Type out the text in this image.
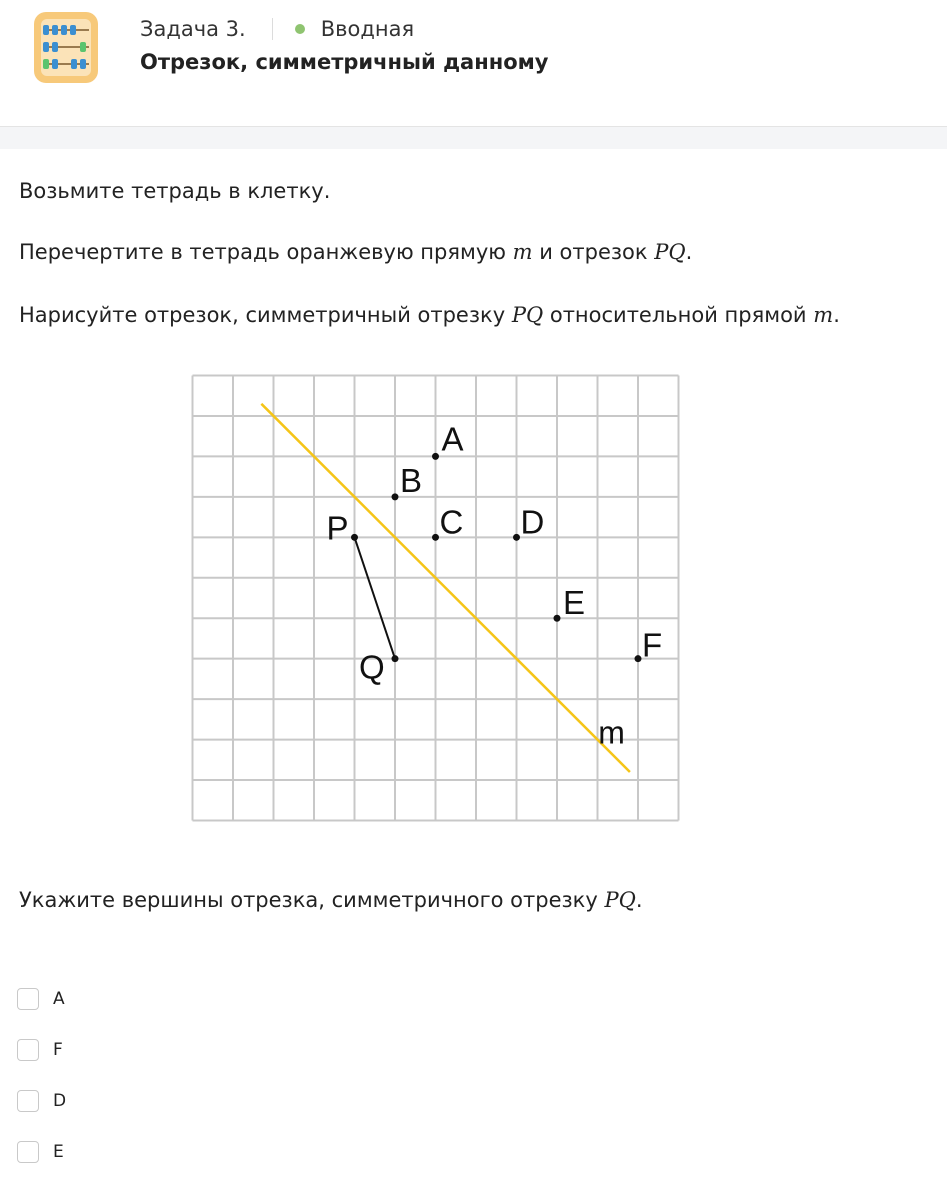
Задача 3.	Вводная
Отрезок, симметричный данному
Возьмите тетрадь в клетку.
Перечертите в тетрадь оранжевую прямую m и отрезок PQ.
Нарисуйте отрезок, симметричный отрезку PQ относительной прямой m.
m
A
B
C D
P
E
F
Q
Укажите вершины отрезка, симметричного отрезку PQ.
A
F
D
E
